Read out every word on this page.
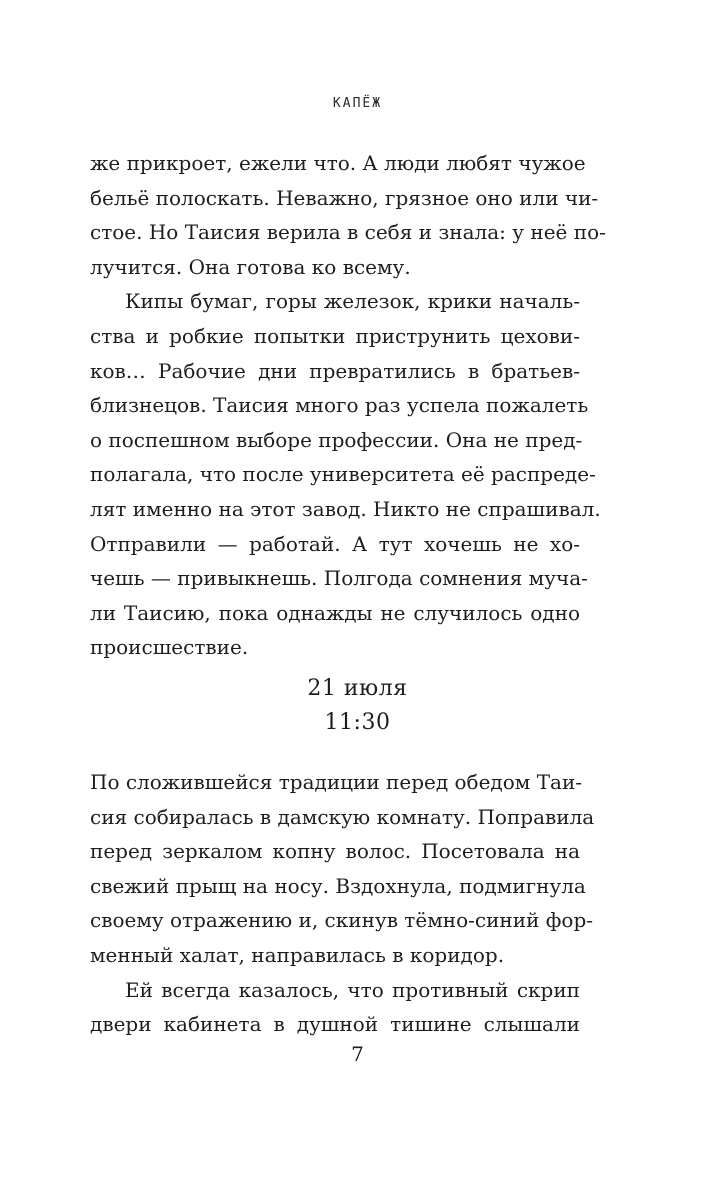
КАПЁЖ
же прикроет, ежели что. А люди любят чужое
бельё полоскать. Неважно, грязное оно или чи-
стое. Но Таисия верила в себя и знала: у неё по-
лучится. Она готова ко всему.
Кипы бумаг, горы железок, крики началь-
ства и робкие попытки приструнить цехови-
ков… Рабочие дни превратились в братьев-
близнецов. Таисия много раз успела пожалеть
о поспешном выборе профессии. Она не пред-
полагала, что после университета её распреде-
лят именно на этот завод. Никто не спрашивал.
Отправили — работай. А тут хочешь не хо-
чешь — привыкнешь. Полгода сомнения муча-
ли Таисию, пока однажды не случилось одно
происшествие.
21 июля
11:30
По сложившейся традиции перед обедом Таи-
сия собиралась в дамскую комнату. Поправила
перед зеркалом копну волос. Посетовала на
свежий прыщ на носу. Вздохнула, подмигнула
своему отражению и, скинув тёмно-синий фор-
менный халат, направилась в коридор.
Ей всегда казалось, что противный скрип
двери кабинета в душной тишине слышали
7
